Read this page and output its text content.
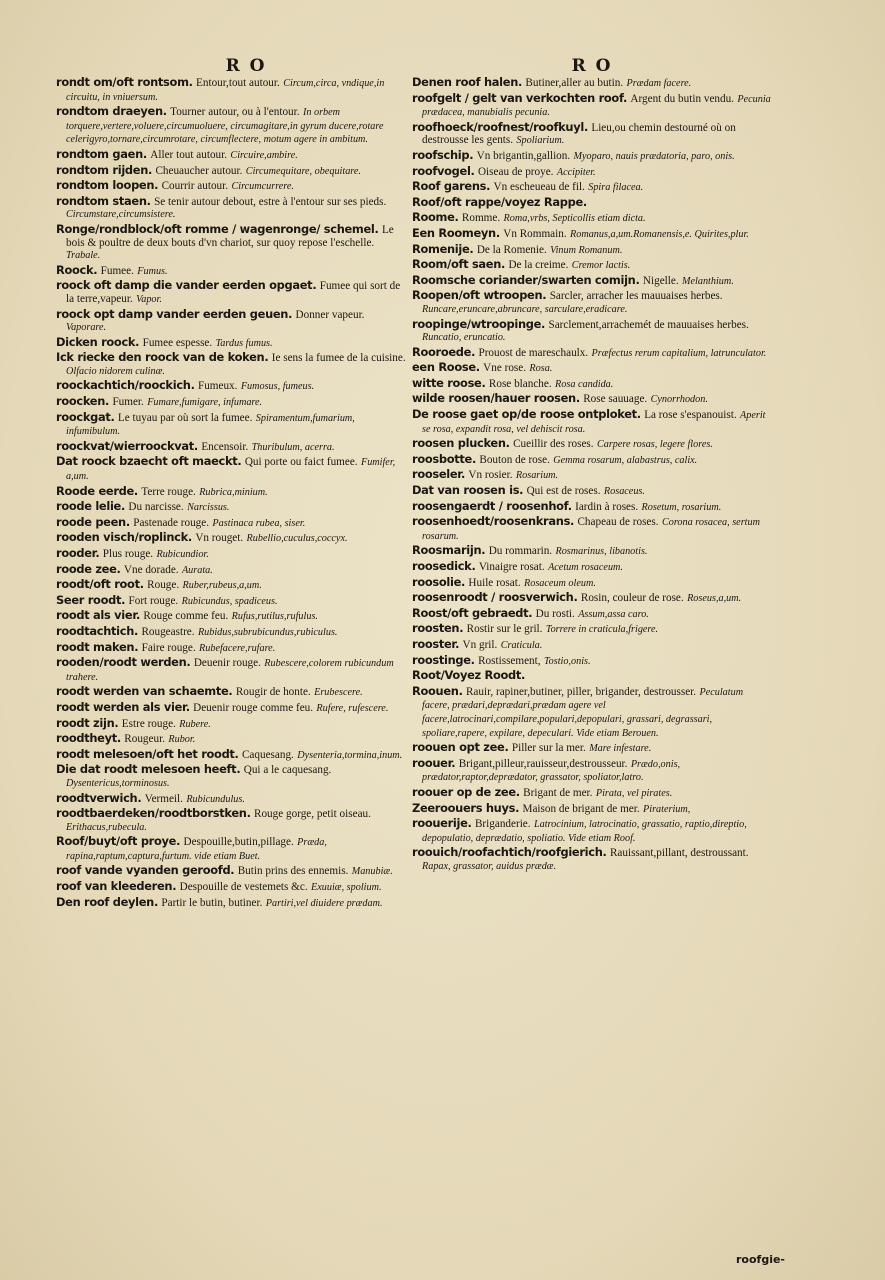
R O
rondt om/oft rontsom. Entour,tout autour. Circum,circa, vndique,in circuitu, in vniuersum.
rondtom draeyen. Tourner autour, ou à l'entour. In orbem torquere,vertere,voluere,circumuoluere, circumagitare,in gyrum ducere,rotare celerigyro,tornare,circumrotare, circumflectere, motum agere in ambitum.
rondtom gaen. Aller tout autour. Circuire,ambire.
rondtom rijden. Cheuaucher autour. Circumequitare, obequitare.
rondtom loopen. Courrir autour. Circumcurrere.
rondtom staen. Se tenir autour debout, estre à l'entour sur ses pieds. Circumstare,circumsistere.
Ronge/rondblock/oft romme / wagenronge/ schemel. Le bois & poultre de deux bouts d'vn chariot, sur quoy repose l'eschelle. Trabale.
Roock. Fumee. Fumus.
roock oft damp die vander eerden opgaet. Fumee qui sort de la terre,vapeur. Vapor.
roock opt damp vander eerden geuen. Donner vapeur. Vaporare.
Dicken roock. Fumee espesse. Tardus fumus.
Ick riecke den roock van de koken. Ie sens la fumee de la cuisine. Olfacio nidorem culinæ.
roockachtich/roockich. Fumeux. Fumosus, fumeus.
roocken. Fumer. Fumare,fumigare, infumare.
roockgat. Le tuyau par où sort la fumee. Spiramentum,fumarium, infumibulum.
roockvat/wierroockvat. Encensoir. Thuribulum, acerra.
Dat roock bzaecht oft maeckt. Qui porte ou faict fumee. Fumifer, a,um.
Roode eerde. Terre rouge. Rubrica,minium.
roode lelie. Du narcisse. Narcissus.
roode peen. Pastenade rouge. Pastinaca rubea, siser.
rooden visch/roplinck. Vn rouget. Rubellio,cuculus,coccyx.
rooder. Plus rouge. Rubicundior.
roode zee. Vne dorade. Aurata.
roodt/oft root. Rouge. Ruber,rubeus,a,um.
Seer roodt. Fort rouge. Rubicundus, spadiceus.
roodt als vier. Rouge comme feu. Rufus,rutilus,rufulus.
roodtachtich. Rougeastre. Rubidus,subrubicundus,rubiculus.
roodt maken. Faire rouge. Rubefacere,rufare.
rooden/roodt werden. Deuenir rouge. Rubescere,colorem rubicundum trahere.
roodt werden van schaemte. Rougir de honte. Erubescere.
roodt werden als vier. Deuenir rouge comme feu. Rufere, rufescere.
roodt zijn. Estre rouge. Rubere.
roodtheyt. Rougeur. Rubor.
roodt melesoen/oft het roodt. Caquesang. Dysenteria,tormina,inum.
Die dat roodt melesoen heeft. Qui a le caquesang. Dysentericus,torminosus.
roodtverwich. Vermeil. Rubicundulus.
roodtbaerdeken/roodtborstken. Rouge gorge, petit oiseau. Erithacus,rubecula.
Roof/buyt/oft proye. Despouille,butin,pillage. Præda, rapina,raptum,captura,furtum. vide etiam Buet.
roof vande vyanden geroofd. Butin prins des ennemis. Manubiæ.
roof van kleederen. Despouille de vestemets &c. Exuuiæ, spolium.
Den roof deylen. Partir le butin, butiner. Partiri,vel diuidere prædam.
R O
Denen roof halen. Butiner,aller au butin. Prædam facere.
roofgelt / gelt van verkochten roof. Argent du butin vendu. Pecunia prædacea, manubialis pecunia.
roofhoeck/roofnest/roofkuyl. Lieu,ou chemin destourné où on destrousse les gents. Spoliarium.
roofschip. Vn brigantin,gallion. Myoparo, nauis prædatoria, paro, onis.
roofvogel. Oiseau de proye. Accipiter.
Roof garens. Vn escheueau de fil. Spira filacea.
Roof/oft rappe/voyez Rappe.
Roome. Romme. Roma,vrbs, Septicollis etiam dicta.
Een Roomeyn. Vn Rommain. Romanus,a,um.Romanensis,e. Quirites,plur.
Romenije. De la Romenie. Vinum Romanum.
Room/oft saen. De la creime. Cremor lactis.
Roomsche coriander/swarten comijn. Nigelle. Melanthium.
Roopen/oft wtroopen. Sarcler, arracher les mauuaises herbes. Runcare,eruncare,abruncare, sarculare,eradicare.
roopinge/wtroopinge. Sarclement,arrachemét de mauuaises herbes. Runcatio, eruncatio.
Rooroede. Prouost de mareschaulx. Præfectus rerum capitalium, latrunculator.
een Roose. Vne rose. Rosa.
witte roose. Rose blanche. Rosa candida.
wilde roosen/hauer roosen. Rose sauuage. Cynorrhodon.
De roose gaet op/de roose ontploket. La rose s'espanouist. Aperit se rosa, expandit rosa, vel dehiscit rosa.
roosen plucken. Cueillir des roses. Carpere rosas, legere flores.
roosbotte. Bouton de rose. Gemma rosarum, alabastrus, calix.
rooseler. Vn rosier. Rosarium.
Dat van roosen is. Qui est de roses. Rosaceus.
roosengaerdt / roosenhof. Iardin à roses. Rosetum, rosarium.
roosenhoedt/roosenkrans. Chapeau de roses. Corona rosacea, sertum rosarum.
Roosmarijn. Du rommarin. Rosmarinus, libanotis.
roosedick. Vinaigre rosat. Acetum rosaceum.
roosolie. Huile rosat. Rosaceum oleum.
roosenroodt / roosverwich. Rosin, couleur de rose. Roseus,a,um.
Roost/oft gebraedt. Du rosti. Assum,assa caro.
roosten. Rostir sur le gril. Torrere in craticula,frigere.
rooster. Vn gril. Craticula.
roostinge. Rostissement, Tostio,onis.
Root/Voyez Roodt.
Roouen. Rauir, rapiner,butiner, piller, brigander, destrousser. Peculatum facere, prædari,deprædari,prædam agere vel facere,latrocinari,compilare,populari,depopulari, grassari, degrassari, spoliare,rapere, expilare, depeculari. Vide etiam Berouen.
roouen opt zee. Piller sur la mer. Mare infestare.
roouer. Brigant,pilleur,rauisseur,destrousseur. Prædo,onis, prædator,raptor,deprædator, grassator, spoliator,latro.
roouer op de zee. Brigant de mer. Pirata, vel pirates.
Zeeroouers huys. Maison de brigant de mer. Piraterium,
roouerije. Briganderie. Latrocinium, latrocinatio, grassatio, raptio,direptio, depopulatio, deprædatio, spoliatio. Vide etiam Roof.
roouich/roofachtich/roofgierich. Rauissant,pillant, destroussant. Rapax, grassator, auidus prædæ.
roofgie-
